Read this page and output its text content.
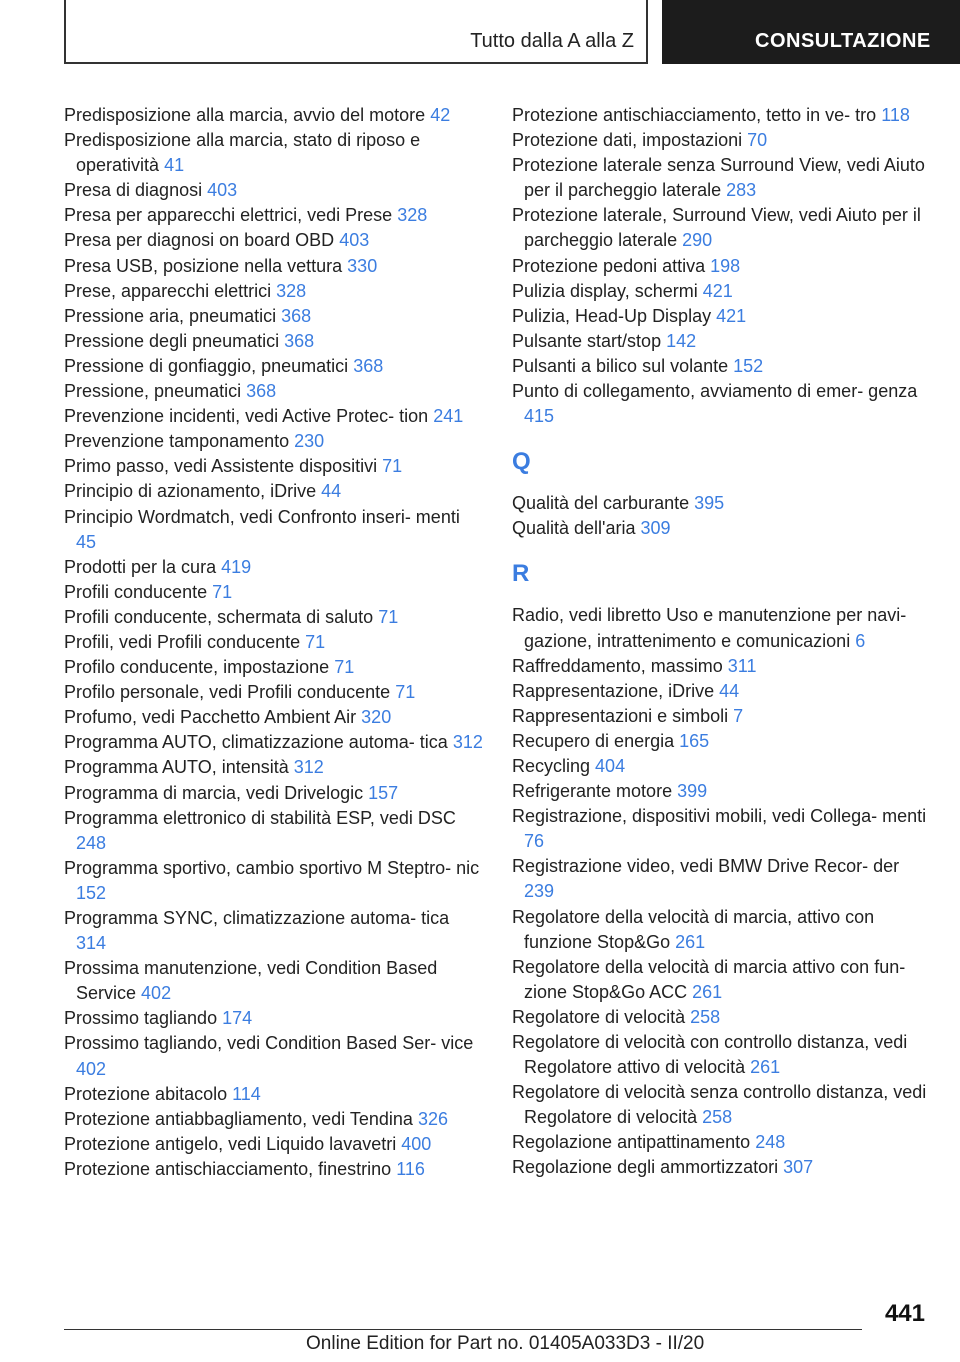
Tutto dalla A alla Z	CONSULTAZIONE
Predisposizione alla marcia, avvio del motore 42
Predisposizione alla marcia, stato di riposo e operatività 41
Presa di diagnosi 403
Presa per apparecchi elettrici, vedi Prese 328
Presa per diagnosi on board OBD 403
Presa USB, posizione nella vettura 330
Prese, apparecchi elettrici 328
Pressione aria, pneumatici 368
Pressione degli pneumatici 368
Pressione di gonfiaggio, pneumatici 368
Pressione, pneumatici 368
Prevenzione incidenti, vedi Active Protec‐ tion 241
Prevenzione tamponamento 230
Primo passo, vedi Assistente dispositivi 71
Principio di azionamento, iDrive 44
Principio Wordmatch, vedi Confronto inseri‐ menti 45
Prodotti per la cura 419
Profili conducente 71
Profili conducente, schermata di saluto 71
Profili, vedi Profili conducente 71
Profilo conducente, impostazione 71
Profilo personale, vedi Profili conducente 71
Profumo, vedi Pacchetto Ambient Air 320
Programma AUTO, climatizzazione automa‐ tica 312
Programma AUTO, intensità 312
Programma di marcia, vedi Drivelogic 157
Programma elettronico di stabilità ESP, vedi DSC 248
Programma sportivo, cambio sportivo M Steptro‐ nic 152
Programma SYNC, climatizzazione automa‐ tica 314
Prossima manutenzione, vedi Condition Based Service 402
Prossimo tagliando 174
Prossimo tagliando, vedi Condition Based Ser‐ vice 402
Protezione abitacolo 114
Protezione antiabbagliamento, vedi Tendina 326
Protezione antigelo, vedi Liquido lavavetri 400
Protezione antischiacciamento, finestrino 116
Protezione antischiacciamento, tetto in ve‐ tro 118
Protezione dati, impostazioni 70
Protezione laterale senza Surround View, vedi Aiuto per il parcheggio laterale 283
Protezione laterale, Surround View, vedi Aiuto per il parcheggio laterale 290
Protezione pedoni attiva 198
Pulizia display, schermi 421
Pulizia, Head-Up Display 421
Pulsante start/stop 142
Pulsanti a bilico sul volante 152
Punto di collegamento, avviamento di emer‐ genza 415
Q
Qualità del carburante 395
Qualità dell'aria 309
R
Radio, vedi libretto Uso e manutenzione per navi‐ gazione, intrattenimento e comunicazioni 6
Raffreddamento, massimo 311
Rappresentazione, iDrive 44
Rappresentazioni e simboli 7
Recupero di energia 165
Recycling 404
Refrigerante motore 399
Registrazione, dispositivi mobili, vedi Collega‐ menti 76
Registrazione video, vedi BMW Drive Recor‐ der 239
Regolatore della velocità di marcia, attivo con funzione Stop&Go 261
Regolatore della velocità di marcia attivo con fun‐ zione Stop&Go ACC 261
Regolatore di velocità 258
Regolatore di velocità con controllo distanza, vedi Regolatore attivo di velocità 261
Regolatore di velocità senza controllo distanza, vedi Regolatore di velocità 258
Regolazione antipattinamento 248
Regolazione degli ammortizzatori 307
441
Online Edition for Part no. 01405A033D3 - II/20
